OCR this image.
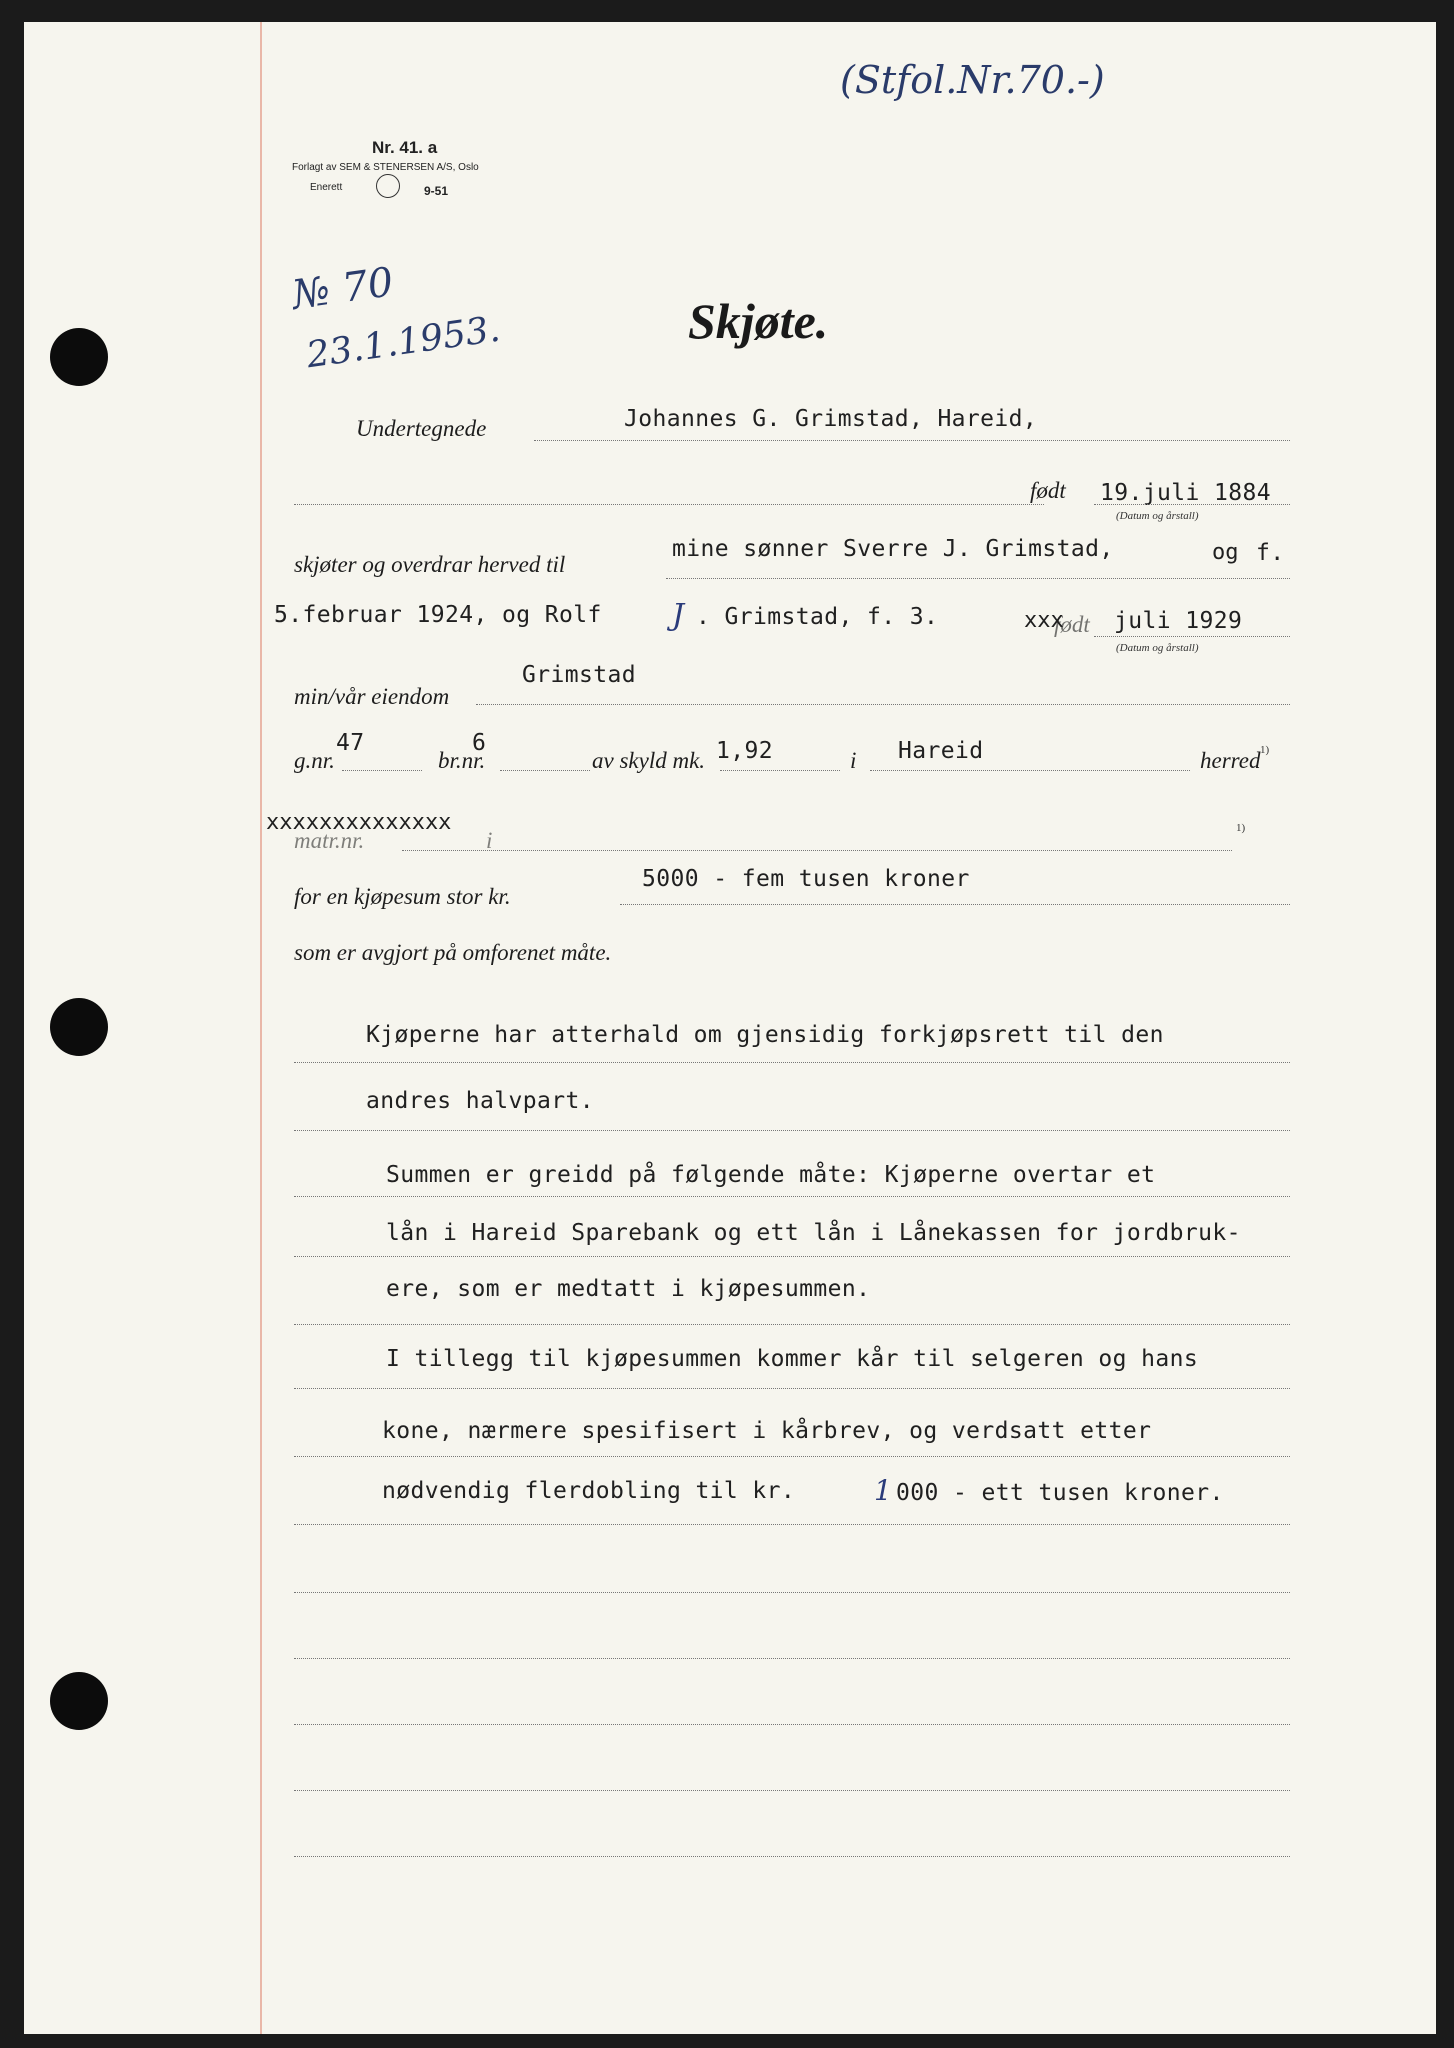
(Stfol.Nr.70.-)
Nr. 41. a
Forlagt av SEM & STENERSEN A/S, Oslo
Enerett	9-51
№ 70
23.1.1953.	Skjøte.
Undertegnede	Johannes G. Grimstad, Hareid,
født 19.juli 1884
(Datum og årstall)
skjøter og overdrar herved til
mine sønner Sverre J. Grimstad,	og f.
5.februar 1924, og Rolf J . Grimstad, f. 3.	xxx
født juli 1929
(Datum og årstall)
min/vår eiendom
Grimstad
g.nr.
47
br.nr.
6
av skyld mk. 1,92	i Hareid	herred 1)
xxxxxxxxxxxxxx
matr.nr.	i	1)
for en kjøpesum stor kr.
5000 - fem tusen kroner
som er avgjort på omforenet måte.
Kjøperne har atterhald om gjensidig forkjøpsrett til den
andres halvpart.
Summen er greidd på følgende måte: Kjøperne overtar et
lån i Hareid Sparebank og ett lån i Lånekassen for jordbruk-
ere, som er medtatt i kjøpesummen.
I tillegg til kjøpesummen kommer kår til selgeren og hans
kone, nærmere spesifisert i kårbrev, og verdsatt etter
nødvendig flerdobling til kr.	1 000 - ett tusen kroner.
